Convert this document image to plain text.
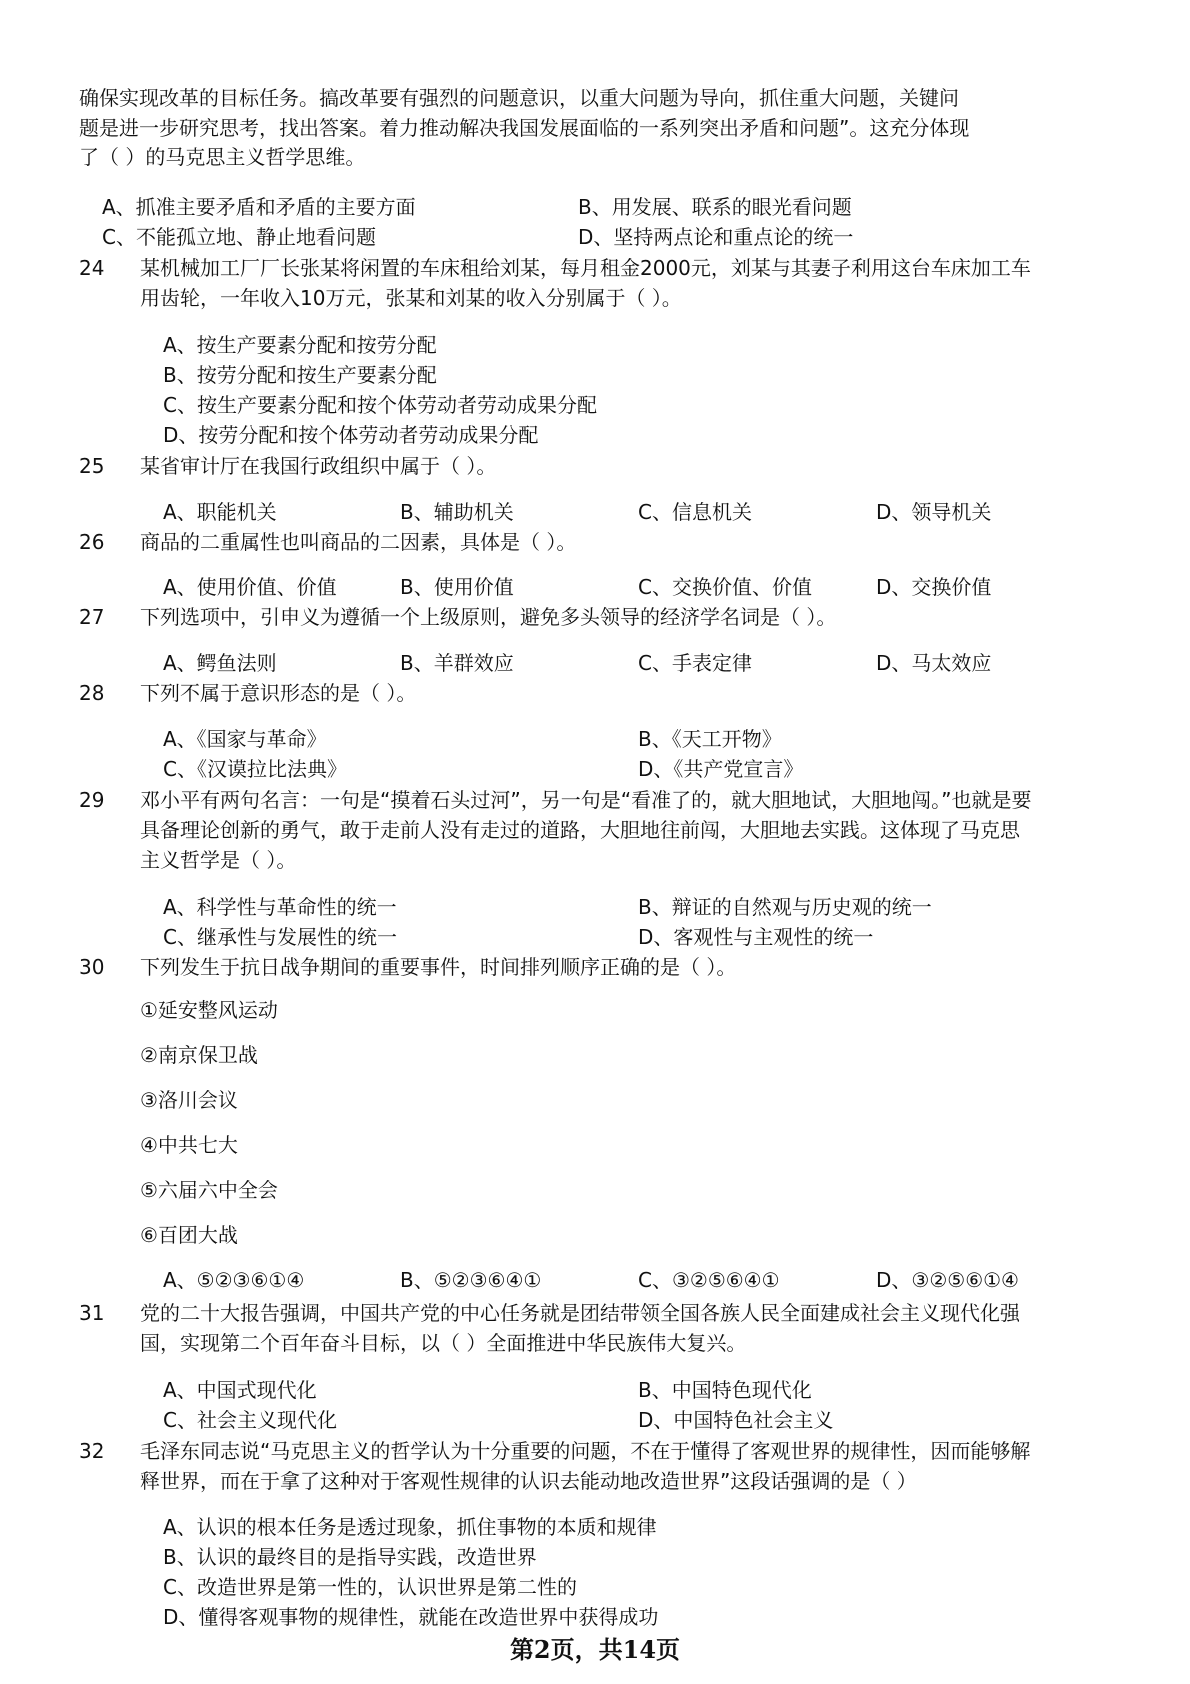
确保实现改革的目标任务。搞改革要有强烈的问题意识，以重大问题为导向，抓住重大问题，关键问
题是进一步研究思考，找出答案。着力推动解决我国发展面临的一系列突出矛盾和问题”。这充分体现
了（ ）的马克思主义哲学思维。
A、抓准主要矛盾和矛盾的主要方面	B、用发展、联系的眼光看问题
C、不能孤立地、静止地看问题	D、坚持两点论和重点论的统一
24 某机械加工厂厂长张某将闲置的车床租给刘某，每月租金2000元，刘某与其妻子利用这台车床加工车
用齿轮，一年收入10万元，张某和刘某的收入分别属于（ ）。
A、按生产要素分配和按劳分配
B、按劳分配和按生产要素分配
C、按生产要素分配和按个体劳动者劳动成果分配
D、按劳分配和按个体劳动者劳动成果分配
25 某省审计厅在我国行政组织中属于（ ）。
A、职能机关	B、辅助机关	C、信息机关	D、领导机关
26 商品的二重属性也叫商品的二因素，具体是（ ）。
A、使用价值、价值	B、使用价值	C、交换价值、价值	D、交换价值
27 下列选项中，引申义为遵循一个上级原则，避免多头领导的经济学名词是（ ）。
A、鳄鱼法则	B、羊群效应	C、手表定律	D、马太效应
28 下列不属于意识形态的是（ ）。
A、《国家与革命》	B、《天工开物》
C、《汉谟拉比法典》	D、《共产党宣言》
29 邓小平有两句名言：一句是“摸着石头过河”，另一句是“看准了的，就大胆地试，大胆地闯。”也就是要
具备理论创新的勇气，敢于走前人没有走过的道路，大胆地往前闯，大胆地去实践。这体现了马克思
主义哲学是（ ）。
A、科学性与革命性的统一	B、辩证的自然观与历史观的统一
C、继承性与发展性的统一	D、客观性与主观性的统一
30 下列发生于抗日战争期间的重要事件，时间排列顺序正确的是（ ）。
①延安整风运动
②南京保卫战
③洛川会议
④中共七大
⑤六届六中全会
⑥百团大战
A、⑤②③⑥①④	B、⑤②③⑥④①	C、③②⑤⑥④①	D、③②⑤⑥①④
31 党的二十大报告强调，中国共产党的中心任务就是团结带领全国各族人民全面建成社会主义现代化强
国，实现第二个百年奋斗目标，以（ ）全面推进中华民族伟大复兴。
A、中国式现代化	B、中国特色现代化
C、社会主义现代化	D、中国特色社会主义
32 毛泽东同志说“马克思主义的哲学认为十分重要的问题，不在于懂得了客观世界的规律性，因而能够解
释世界，而在于拿了这种对于客观性规律的认识去能动地改造世界”这段话强调的是（ ）
A、认识的根本任务是透过现象，抓住事物的本质和规律
B、认识的最终目的是指导实践，改造世界
C、改造世界是第一性的，认识世界是第二性的
D、懂得客观事物的规律性，就能在改造世界中获得成功
第2页，共14页
